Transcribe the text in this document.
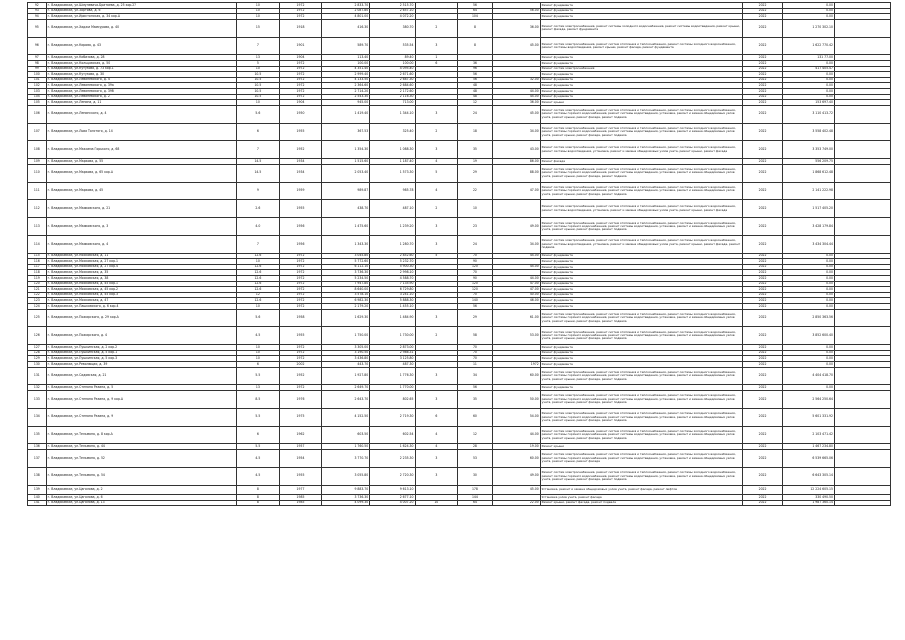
92	г. Владикавказ, ул.Шмулевича-Бритаева, д. 25 кор.2?	10	1972	2 833.70	2 515.70		56		Ремонт фундамента	2022	0.00	
93	г. Владикавказ, ул.Зортова, д. 6	10	1972	2 087.80	2 657.10		64	56.00	Ремонт фундамента	2022	0.00	
94	г. Владикавказ, ул.Иристонская, д. 34 кор.А	10	1972	4 801.00	4 072.20		104		Ремонт фундамента	2022	0.00	
95	г. Владикавказ, ул.Хаджи Мамсурова, д. 40	15	1918	416.30	380.70	2	8	36.00	Ремонт систем электроснабжения, ремонт системы холодного водоснабжения, ремонт системы водоотведения, ремонт крыши, ремонт фасада, ремонт фундамента	2022	1 270 302.10	
96	г. Владикавказ, ул.Кирова, д. 43	7	1901	589.70	535.54	3	8	45.00	Ремонт систем электроснабжения, ремонт систем отопления и теплоснабжения, ремонт системы холодного водоснабжения, ремонт системы водоотведения, ремонт крыши, ремонт фасада, ремонт фундамента	2022	1 622 770.42	
97	г. Владикавказ, ул.Кибизова, д. 28	13	1904	113.40	89.40	1			Ремонт фундамента	2022	131 77.00	
98	г. Владикавказ, ул.Кольцовская, д. 50	5	1972	100.00	100.00	6	36		Ремонт фундамента	2022	0.00	
99	г. Владикавказ, ул.Кутузова, д. 73 кор.1	10	1972	4 351.40	4 095.40		96		Ремонт систем электроснабжения	2022	417 405.47	
100	г. Владикавказ, ул.Кутузова, д. 30	10.5	1972	2 999.40	2 671.60		56		Ремонт фундамента	2022	0.00	
101	г. Владикавказ, ул.Леваневского, д. 4	10.5	1972	4 133.50	2 687.30		56	32.00	Ремонт фундамента	2022	0.00	
102	г. Владикавказ, ул.Леваневского, д. 39а	10.5	1972	2 364.60	2 684.60		48		Ремонт фундамента	2022	0.00	
103	г. Владикавказ, ул.Леваневского, д. 39б	10.5	1972	2 714.20	2 172.60		48	44.00	Ремонт фундамента	2022	0.00	
104	г. Владикавказ, ул.Леваневского, д. 2	10.5	1972	2 543.30	2 116.30		48	44.00	Ремонт фундамента	2022	0.00	
105	г. Владикавказ, ул.Ленина, д. 11	10	1904	945.00	713.00		12	36.00	Ремонт крыши	2022	153 697.40	
106	г. Владикавказ, ул.Ленинского, д. 4	5.6	1950	1 419.40	1 344.10	3	24	45.00	Ремонт систем электроснабжения, ремонт систем отопления и теплоснабжения, ремонт системы холодного водоснабжения, ремонт системы горячего водоснабжения, ремонт системы водоотведения, установка, ремонт и замена общедомовых узлов учета, ремонт крыши, ремонт фасада, ремонт подвала	2022	3 110 413.72	
107	г. Владикавказ, ул.Льва Толстого, д. 14	6	1955	367.53	325.40	2	18	34.00	Ремонт систем электроснабжения, ремонт систем отопления и теплоснабжения, ремонт системы холодного водоснабжения, ремонт системы горячего водоснабжения, ремонт системы водоотведения, установка, ремонт и замена общедомовых узлов учета, ремонт крыши, ремонт фасада, ремонт подвала	2022	3 558 402.48	
108	г. Владикавказ, ул.Максима Горького, д. 68	7	1952	1 354.30	1 088.30	3	35	43.00	Ремонт систем электроснабжения, ремонт систем отопления и теплоснабжения, ремонт системы холодного водоснабжения, ремонт системы водоотведения, установка, ремонт и замена общедомовых узлов учета, ремонт крыши, ремонт фасада	2022	3 353 749.00	
109	г. Владикавказ, ул.Маркова, д. 55	14.5	1934	1 515.60	1 187.40	4	19	86.00	Ремонт фасада	2022	556 209.75	
110	г. Владикавказ, ул.Маркова, д. 65 кор.А	14.5	1934	2 053.40	1 573.30	5	29	88.00	Ремонт систем электроснабжения, ремонт систем отопления и теплоснабжения, ремонт системы холодного водоснабжения, ремонт системы горячего водоснабжения, ремонт системы водоотведения, установка, ремонт и замена общедомовых узлов учета, ремонт крыши, ремонт фасада, ремонт подвала	2022	1 868 612.48	
111	г. Владикавказ, ул.Маркова, д. 45	9	1959	989.87	985.78	4	22	47.00	Ремонт систем электроснабжения, ремонт систем отопления и теплоснабжения, ремонт системы холодного водоснабжения, ремонт системы горячего водоснабжения, ремонт системы водоотведения, установка, ремонт и замена общедомовых узлов учета, ремонт крыши, ремонт фасада, ремонт подвала	2022	2 141 222.98	
112	г. Владикавказ, ул.Маяковского, д. 21	2.6	1955	438.70	487.10	2	10		Ремонт систем электроснабжения, ремонт систем отопления и теплоснабжения, ремонт системы холодного водоснабжения, ремонт системы водоотведения, установка, ремонт и замена общедомовых узлов учета, ремонт крыши, ремонт фасада	2022	1 517 405.20	
113	г. Владикавказ, ул.Маяковского, д. 3	4.0	1956	1 475.60	1 239.20	3	23	49.00	Ремонт систем электроснабжения, ремонт систем отопления и теплоснабжения, ремонт системы холодного водоснабжения, ремонт системы горячего водоснабжения, ремонт системы водоотведения, установка, ремонт и замена общедомовых узлов учета, ремонт крыши, ремонт фасада, ремонт подвала	2022	3 428 179.84	
114	г. Владикавказ, ул.Маяковского, д. 4	7	1956	1 343.30	1 280.70	3	24	34.00	Ремонт систем электроснабжения, ремонт систем отопления и теплоснабжения, ремонт системы холодного водоснабжения, ремонт системы водоотведения, установка, ремонт и замена общедомовых узлов учета, ремонт крыши, ремонт фасада, ремонт подвала	2022	3 434 304.44	
115	г. Владикавказ, ул.Московская, д. 11	12.6	1972	3 045.80	2 852.60	5	70	44.00	Ремонт фундамента	2022	0.00	
116	г. Владикавказ, ул.Московская, д. 27 кор.1	10	1972	5 772.60	5 232.70		90		Ремонт фундамента	2022	0.00	
117	г. Владикавказ, ул.Московская, д. 27 кор.4	12.6	1972	6 112.10	5 900.30		120	44.00	Ремонт фундамента	2022	0.00	
118	г. Владикавказ, ул.Московская, д. 35	12.6	1972	3 736.30	2 998.10		70		Ремонт фундамента	2022	0.00	
119	г. Владикавказ, ул.Московская, д. 38	12.6	1972	5 234.50	4 588.70		90	44.00	Ремонт фундамента	2022	0.00	
120	г. Владикавказ, ул.Московская, д. 45 кор.1	12.6	1972	7 947.80	7 135.90		120	47.00	Ремонт фундамента	2022	0.00	
121	г. Владикавказ, ул.Московская, д. 45 кор.2	12.6	1972	8 640.00	6 729.80		120	47.00	Ремонт фундамента	2022	0.00	
122	г. Владикавказ, ул.Московская, д. 45 кор.3	12	1972	3 578.10	3 241.10		70	40.00	Ремонт фундамента	2022	0.00	
123	г. Владикавказ, ул.Московская, д. 47	12.6	1972	6 982.30	5 888.30		140	46.00	Ремонт фундамента	2022	0.00	
124	г. Владикавказ, ул.Пашковского, д. 6 кор.4	10	1972	2 179.20	1 455.10		56		Ремонт фундамента	2022	0.00	
125	г. Владикавказ, ул.Пожарского, д. 29 кор.А	5.6	1958	1 629.30	1 484.90	3	29	61.00	Ремонт систем электроснабжения, ремонт систем отопления и теплоснабжения, ремонт системы холодного водоснабжения, ремонт системы горячего водоснабжения, ремонт системы водоотведения, установка, ремонт и замена общедомовых узлов учета, ремонт крыши, ремонт фасада, ремонт подвала	2022	2 850 363.56	
126	г. Владикавказ, ул.Пожарского, д. 4	4.5	1955	1 750.00	1 730.00	2	58	53.00	Ремонт систем электроснабжения, ремонт систем отопления и теплоснабжения, ремонт системы холодного водоснабжения, ремонт системы горячего водоснабжения, ремонт системы водоотведения, установка, ремонт и замена общедомовых узлов учета, ремонт крыши, ремонт фасада, ремонт подвала	2022	3 852 600.40	
127	г. Владикавказ, ул.Пушкинская, д. 2 кор.2	10	1972	3 305.00	2 873.00		70		Ремонт фундамента	2022	0.00	
128	г. Владикавказ, ул.Пушкинская, д. 5 кор.1	10	1972	3 190.50	2 986.31		70		Ремонт фундамента	2022	0.00	
129	г. Владикавказ, ул.Пушкинская, д. 5 кор.3	10	1972	3 436.80	3 125.80		70		Ремонт фундамента	2022	0.00	
130	г. Владикавказ, ул.Революции, д. 39	6	2002	443.70	487.30		11	1972	Ремонт фундамента	2022	0.00	
131	г. Владикавказ, ул.Садовская, д. 21	5.5	1952	1 927.80	1 776.30	3	34	60.00	Ремонт систем электроснабжения, ремонт систем отопления и теплоснабжения, ремонт системы холодного водоснабжения, ремонт системы горячего водоснабжения, ремонт системы водоотведения, установка, ремонт и замена общедомовых узлов учета, ремонт крыши, ремонт фасада, ремонт подвала	2022	4 404 418.70	
132	г. Владикавказ, ул.Степана Разина, д. 5	13	1972	2 649.70	1 770.00		56		Ремонт фундамента	2022	0.00	
133	г. Владикавказ, ул.Степана Разина, д. 9 кор.А	8.5	1976	2 643.70	802.65	3	35	50.00	Ремонт систем электроснабжения, ремонт систем отопления и теплоснабжения, ремонт системы холодного водоснабжения, ремонт системы горячего водоснабжения, ремонт системы водоотведения, установка, ремонт и замена общедомовых узлов учета, ремонт крыши, ремонт фасада, ремонт подвала	2022	2 564 250.64	
134	г. Владикавказ, ул.Степана Разина, д. 9	5.5	1975	4 152.50	2 719.30	6	60	54.00	Ремонт систем электроснабжения, ремонт систем отопления и теплоснабжения, ремонт системы холодного водоснабжения, ремонт системы горячего водоснабжения, ремонт системы водоотведения, установка, ремонт и замена общедомовых узлов учета, ремонт крыши, ремонт фасада, ремонт подвала	2022	5 601 331.92	
135	г. Владикавказ, ул.Тельмана, д. 8 кор.А	6	1962	603.50	602.54	4	12	44.00	Ремонт систем электроснабжения, ремонт систем отопления и теплоснабжения, ремонт системы холодного водоснабжения, ремонт системы горячего водоснабжения, ремонт системы водоотведения, установка, ремонт и замена общедомовых узлов учета, ремонт крыши, ремонт фасада, ремонт подвала	2022	2 103 471.42	
136	г. Владикавказ, ул.Тельмана, д. 44	5.5	1957	1 760.50	1 624.30	4	28	19.00	Ремонт крыши	2022	1 467 234.80	
137	г. Владикавказ, ул.Тельмана, д. 52	4.5	1954	3 770.70	2 235.30	3	53	60.00	Ремонт систем электроснабжения, ремонт систем отопления и теплоснабжения, ремонт системы холодного водоснабжения, ремонт системы горячего водоснабжения, ремонт системы водоотведения, установка, ремонт и замена общедомовых узлов учета, ремонт крыши, ремонт фасада	2022	6 539 665.06	
138	г. Владикавказ, ул.Тельмана, д. 54	4.5	1955	3 055.80	2 720.30	3	30	49.00	Ремонт систем электроснабжения, ремонт систем отопления и теплоснабжения, ремонт системы холодного водоснабжения, ремонт системы горячего водоснабжения, ремонт системы водоотведения, установка, ремонт и замена общедомовых узлов учета, ремонт крыши, ремонт фасада, ремонт подвала	2022	6 643 305.14	
139	г. Владикавказ, ул.Цаголова, д. 2	8	1977	9 883.70	9 613.10		178	45.00	Установка, ремонт и замена общедомовых узлов учета, ремонт фасада, ремонт лифтов	2022	12 224 605.15	
140	г. Владикавказ, ул.Цаголова, д. 6	8	1985	3 736.30	2 677.10		144		Установка узлов учета, ремонт фасада	2022	330 490.50	
141	г. Владикавказ, ул.Цаголова, д. 13	8	1985	4 099.30	4 007.20	10	64	22.00	Ремонт крыши, ремонт фасада, ремонт подвала	2022	1 987 360.14	
